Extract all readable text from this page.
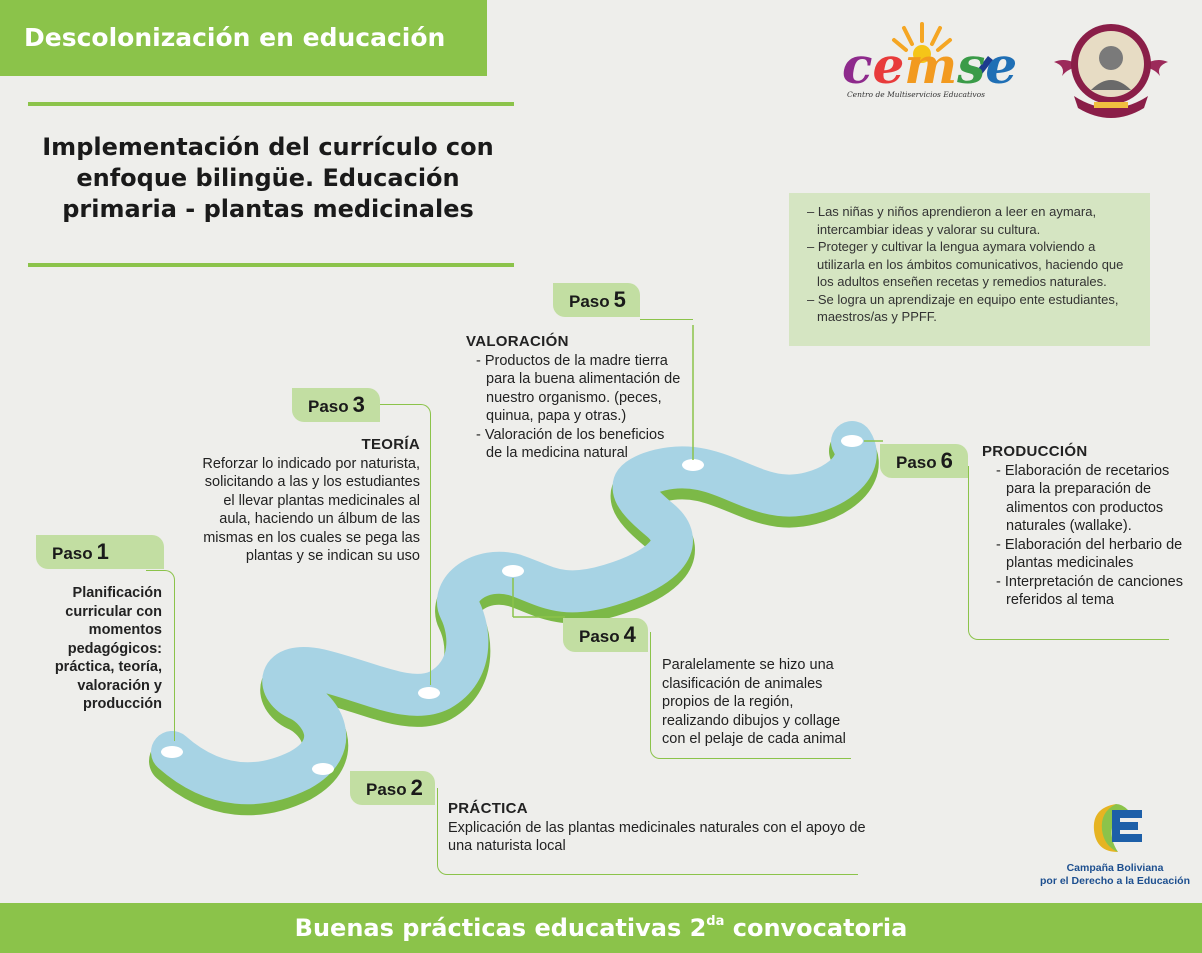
Descolonización en educación
Implementación del currículo con
enfoque bilingüe. Educación
primaria - plantas medicinales
cemse
Centro de Multiservicios Educativos
– Las niñas y niños aprendieron a leer en aymara, intercambiar ideas y valorar su cultura.
– Proteger y cultivar la lengua aymara volviendo a utilizarla en los ámbitos comunicativos, haciendo que los adultos enseñen recetas y remedios naturales.
– Se logra un aprendizaje en equipo ente estudiantes, maestros/as y PPFF.
Paso 1
Planificación
curricular con
momentos
pedagógicos:
práctica, teoría,
valoración y
producción
Paso 2
PRÁCTICA
Explicación de las plantas medicinales naturales con el apoyo de
una naturista local
Paso 3
TEORÍA
Reforzar lo indicado por naturista,
solicitando a las y los estudiantes
el llevar plantas medicinales al
aula, haciendo un álbum de las
mismas en los cuales se pega las
plantas y se indican su uso
Paso 4
Paralelamente se hizo una
clasificación de animales
propios de la región,
realizando dibujos y collage
con el pelaje de cada animal
Paso 5
VALORACIÓN
- Productos de la madre tierra para la buena alimentación de nuestro organismo. (peces, quinua, papa y otras.)
- Valoración de los beneficios de la medicina natural	Paso 6	PRODUCCIÓN
- Elaboración de recetarios para la preparación de alimentos con productos naturales (wallake).
- Elaboración del herbario de plantas medicinales
- Interpretación de canciones referidos al tema
Campaña Boliviana
por el Derecho a la Educación
Buenas prácticas educativas $2^{da}$ convocatoria
